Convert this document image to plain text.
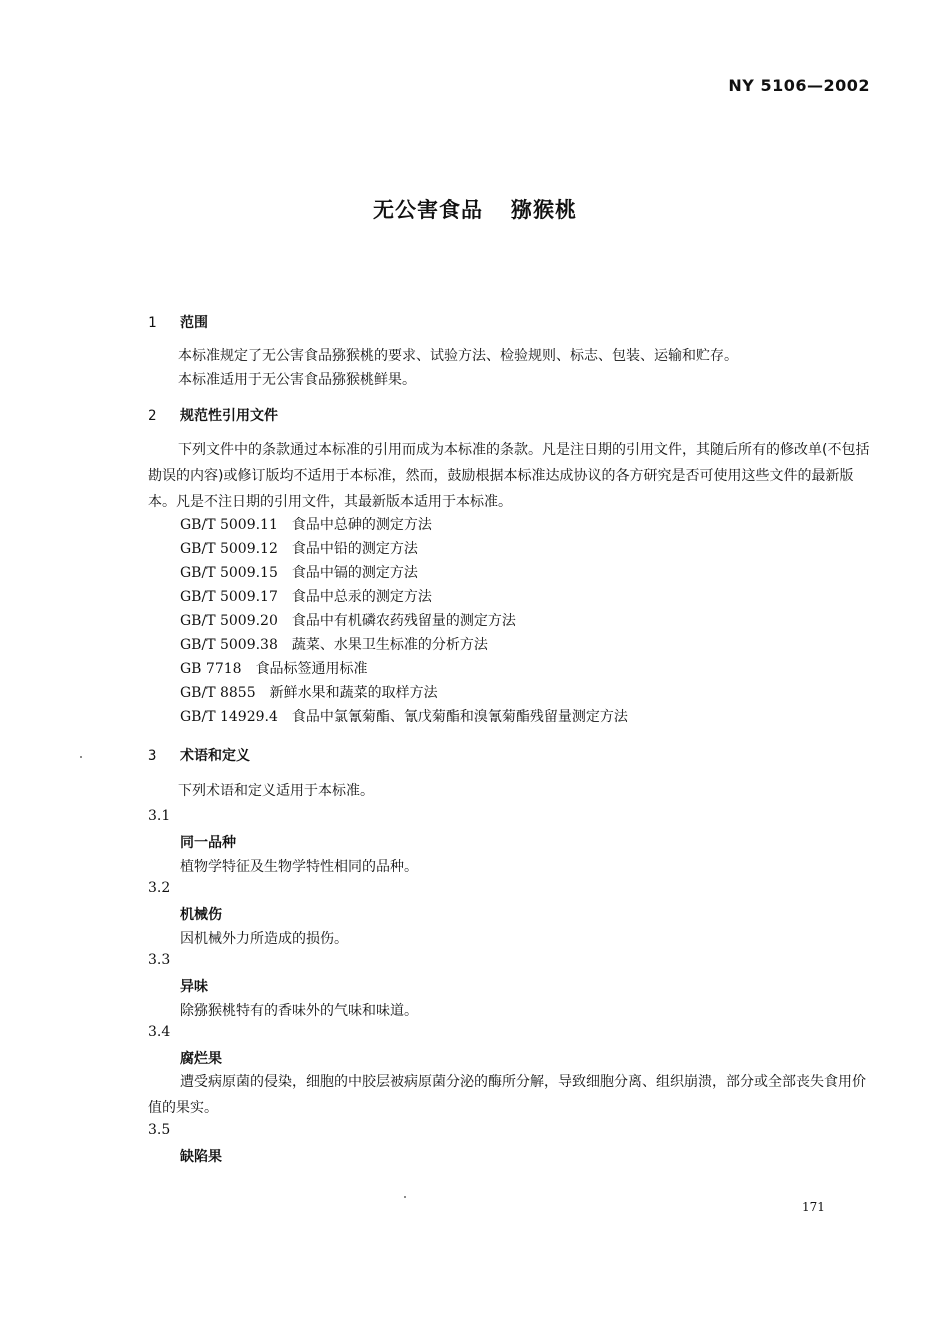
NY 5106—2002
无公害食品 猕猴桃
1 范围
本标准规定了无公害食品猕猴桃的要求、试验方法、检验规则、标志、包装、运输和贮存。
本标准适用于无公害食品猕猴桃鲜果。
2 规范性引用文件
下列文件中的条款通过本标准的引用而成为本标准的条款。凡是注日期的引用文件，其随后所有的修改单(不包括勘误的内容)或修订版均不适用于本标准，然而，鼓励根据本标准达成协议的各方研究是否可使用这些文件的最新版本。凡是不注日期的引用文件，其最新版本适用于本标准。
GB/T 5009.11 食品中总砷的测定方法
GB/T 5009.12 食品中铅的测定方法
GB/T 5009.15 食品中镉的测定方法
GB/T 5009.17 食品中总汞的测定方法
GB/T 5009.20 食品中有机磷农药残留量的测定方法
GB/T 5009.38 蔬菜、水果卫生标准的分析方法
GB 7718 食品标签通用标准
GB/T 8855 新鲜水果和蔬菜的取样方法
GB/T 14929.4 食品中氯氰菊酯、氰戊菊酯和溴氰菊酯残留量测定方法
3 术语和定义
下列术语和定义适用于本标准。
3.1
同一品种
植物学特征及生物学特性相同的品种。
3.2
机械伤
因机械外力所造成的损伤。
3.3
异味
除猕猴桃特有的香味外的气味和味道。
3.4
腐烂果
遭受病原菌的侵染，细胞的中胶层被病原菌分泌的酶所分解，导致细胞分离、组织崩溃，部分或全部丧失食用价值的果实。
3.5
缺陷果
171
